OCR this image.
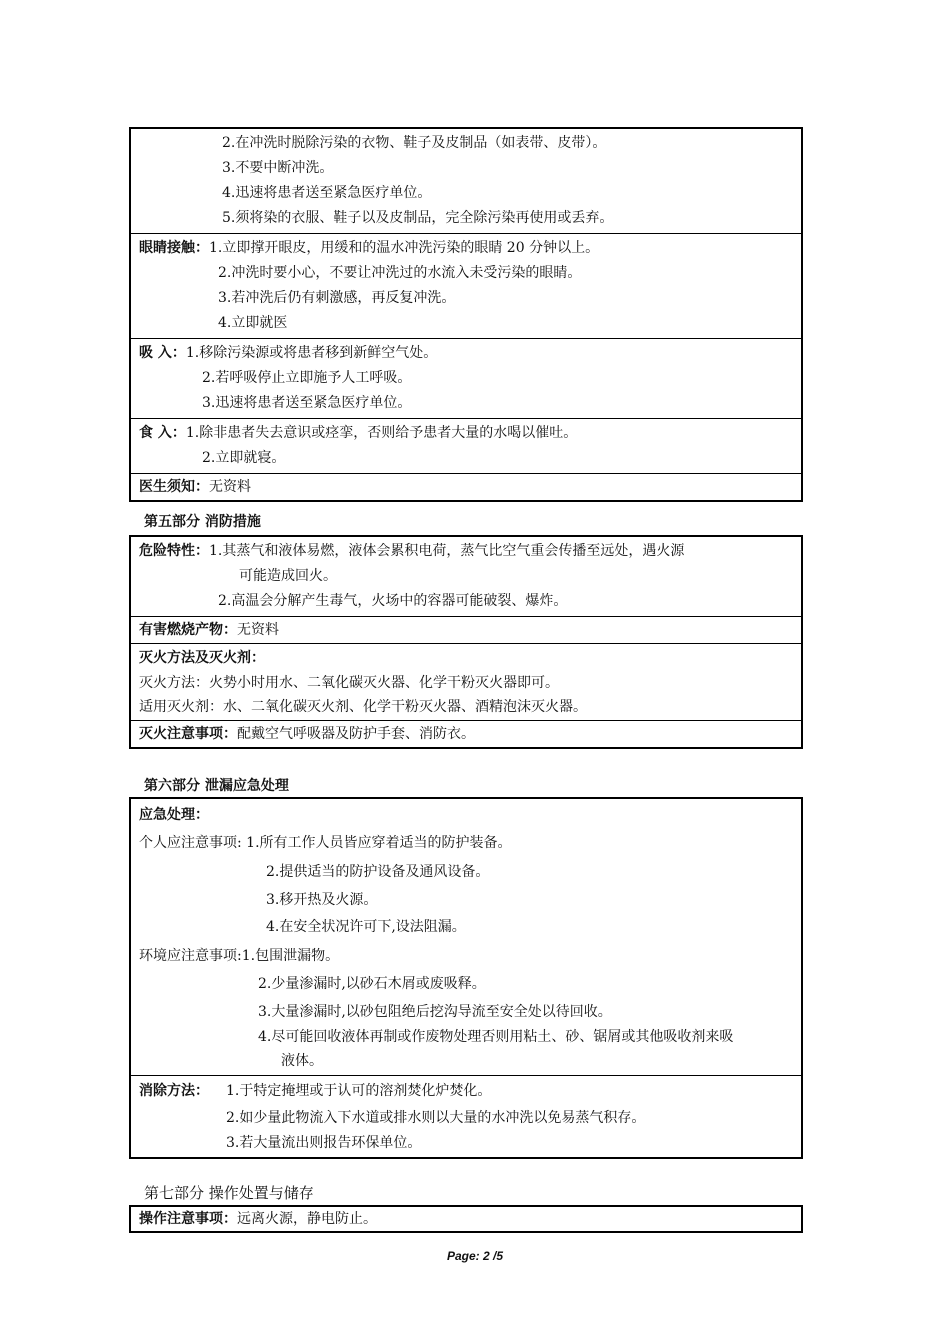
2.在冲洗时脱除污染的衣物、鞋子及皮制品（如表带、皮带）。
3.不要中断冲洗。
4.迅速将患者送至紧急医疗单位。
5.须将染的衣服、鞋子以及皮制品，完全除污染再使用或丢弃。
眼睛接触：1.立即撑开眼皮，用缓和的温水冲洗污染的眼睛 20 分钟以上。
2.冲洗时要小心，不要让冲洗过的水流入未受污染的眼睛。
3.若冲洗后仍有刺激感，再反复冲洗。
4.立即就医
吸 入：1.移除污染源或将患者移到新鲜空气处。
2.若呼吸停止立即施予人工呼吸。
3.迅速将患者送至紧急医疗单位。
食 入：1.除非患者失去意识或痉挛，否则给予患者大量的水喝以催吐。
2.立即就寝。
医生须知：无资料
第五部分 消防措施
危险特性：1.其蒸气和液体易燃，液体会累积电荷，蒸气比空气重会传播至远处，遇火源
可能造成回火。
2.高温会分解产生毒气，火场中的容器可能破裂、爆炸。
有害燃烧产物：无资料
灭火方法及灭火剂：
灭火方法：火势小时用水、二氧化碳灭火器、化学干粉灭火器即可。
适用灭火剂：水、二氧化碳灭火剂、化学干粉灭火器、酒精泡沫灭火器。
灭火注意事项：配戴空气呼吸器及防护手套、消防衣。
第六部分 泄漏应急处理
应急处理：
个人应注意事项: 1.所有工作人员皆应穿着适当的防护装备。
2.提供适当的防护设备及通风设备。
3.移开热及火源。
4.在安全状况许可下,设法阻漏。
环境应注意事项:1.包围泄漏物。
2.少量渗漏时,以砂石木屑或废吸释。
3.大量渗漏时,以砂包阻绝后挖沟导流至安全处以待回收。
4.尽可能回收液体再制或作废物处理否则用粘土、砂、锯屑或其他吸收剂来吸
液体。
消除方法： 1.于特定掩埋或于认可的溶剂焚化炉焚化。
2.如少量此物流入下水道或排水则以大量的水冲洗以免易蒸气积存。
3.若大量流出则报告环保单位。
第七部分 操作处置与储存
操作注意事项：远离火源，静电防止。
Page: 2 /5
